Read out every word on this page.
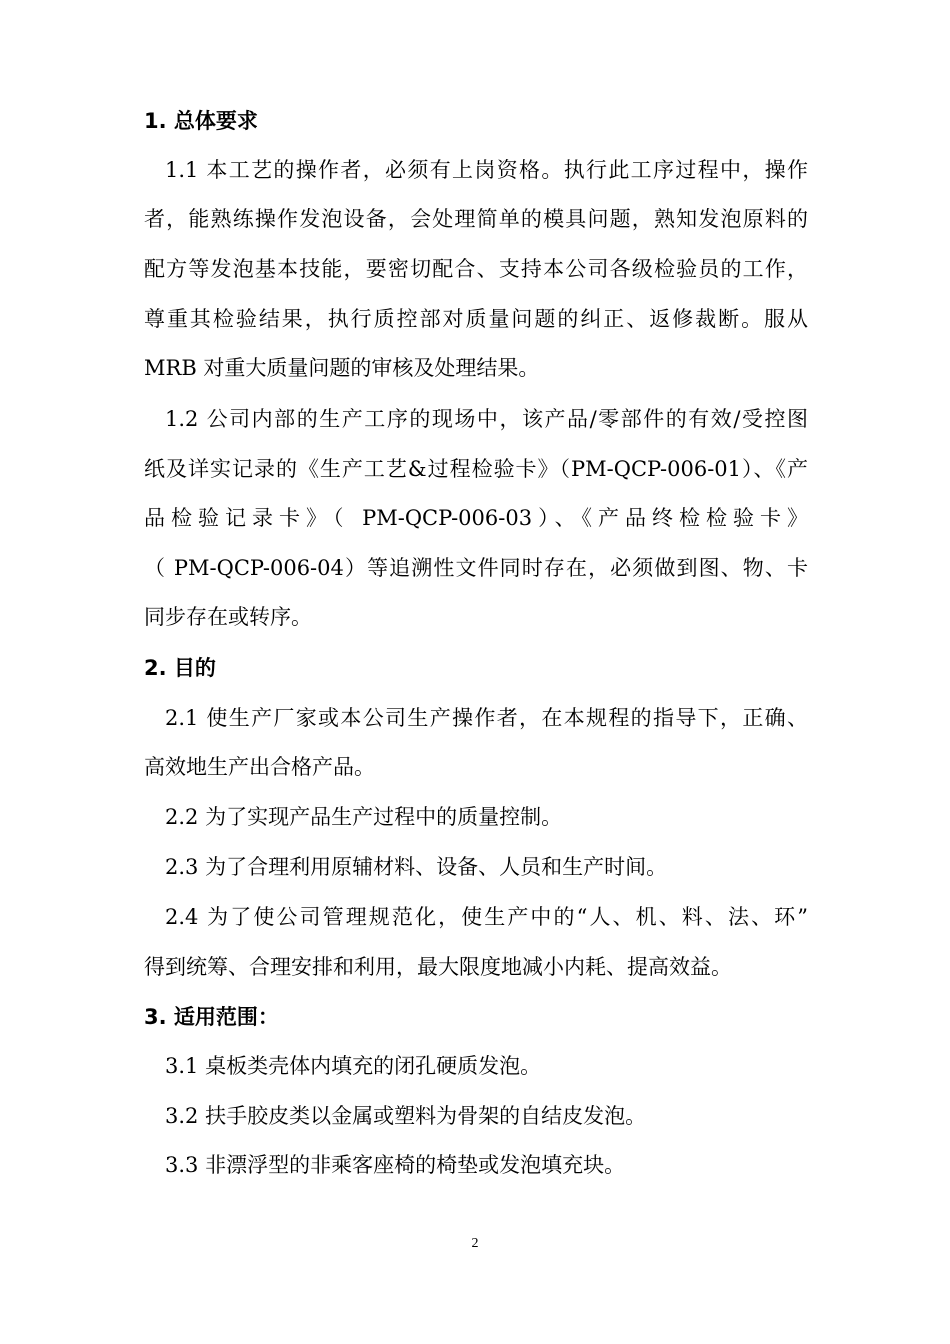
1. 总体要求
1.1 本工艺的操作者，必须有上岗资格。执行此工序过程中，操作
者，能熟练操作发泡设备，会处理简单的模具问题，熟知发泡原料的
配方等发泡基本技能，要密切配合、支持本公司各级检验员的工作，
尊重其检验结果，执行质控部对质量问题的纠正、返修裁断。服从
MRB 对重大质量问题的审核及处理结果。
1.2 公司内部的生产工序的现场中，该产品/零部件的有效/受控图
纸及详实记录的《生产工艺&过程检验卡》（PM-QCP-006-01）、《产
品检验记录卡》（ PM-QCP-006-03）、《产品终检检验卡》
（ PM-QCP-006-04）等追溯性文件同时存在，必须做到图、物、卡
同步存在或转序。
2. 目的
2.1 使生产厂家或本公司生产操作者，在本规程的指导下，正确、
高效地生产出合格产品。
2.2 为了实现产品生产过程中的质量控制。
2.3 为了合理利用原辅材料、设备、人员和生产时间。
2.4 为了使公司管理规范化，使生产中的“人、机、料、法、环”
得到统筹、合理安排和利用，最大限度地减小内耗、提高效益。
3. 适用范围：
3.1 桌板类壳体内填充的闭孔硬质发泡。
3.2 扶手胶皮类以金属或塑料为骨架的自结皮发泡。
3.3 非漂浮型的非乘客座椅的椅垫或发泡填充块。
2
